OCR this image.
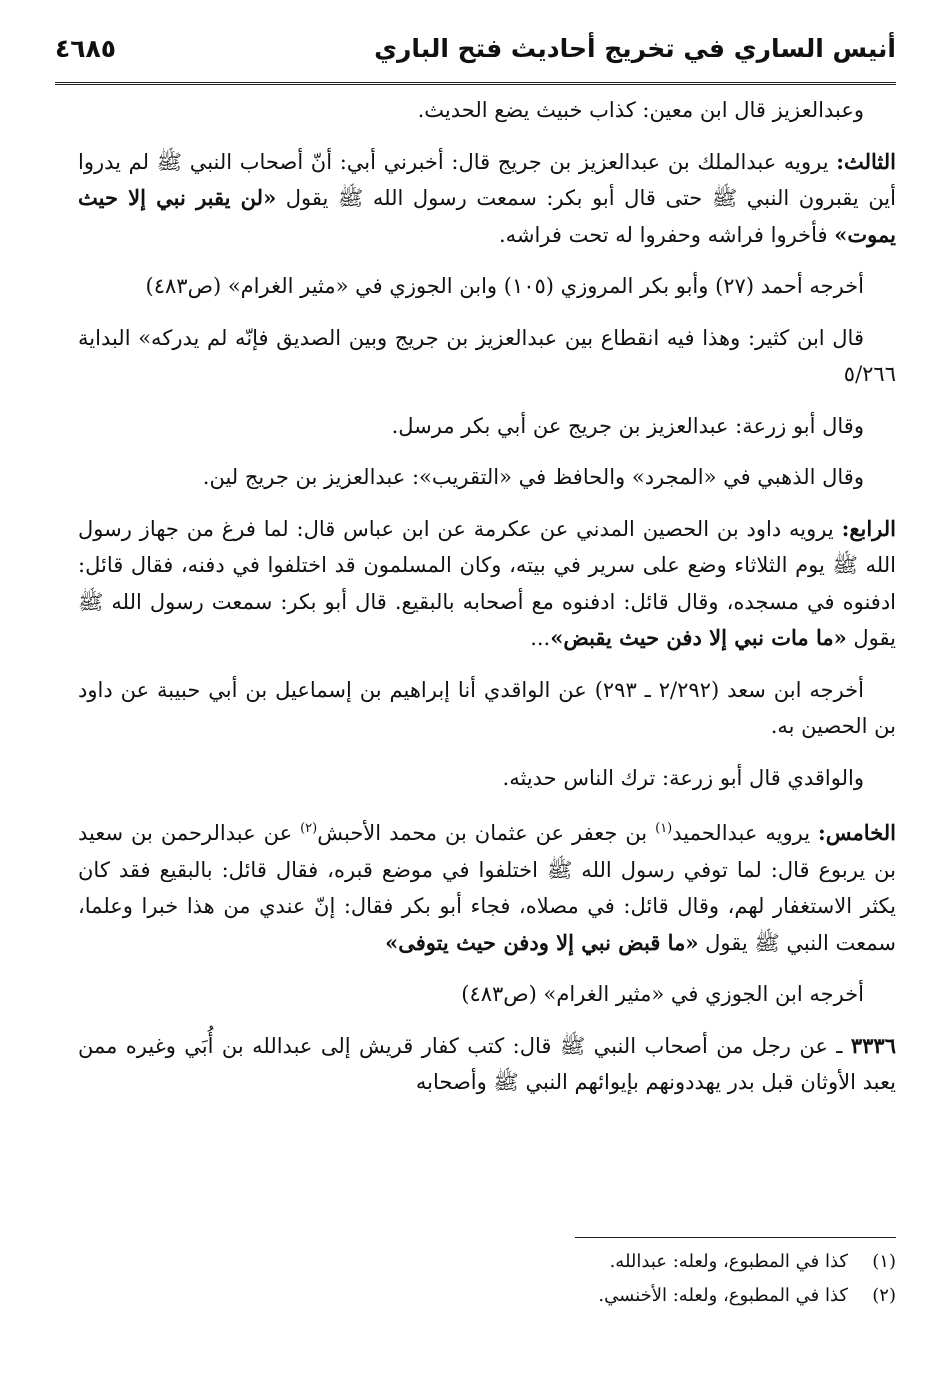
أنيس الساري في تخريج أحاديث فتح الباري
٤٦٨٥

وعبدالعزيز قال ابن معين: كذاب خبيث يضع الحديث.

الثالث: يرويه عبدالملك بن عبدالعزيز بن جريج قال: أخبرني أبي: أنّ أصحاب النبي ﷺ لم يدروا أين يقبرون النبي ﷺ حتى قال أبو بكر: سمعت رسول الله ﷺ يقول «لن يقبر نبي إلا حيث يموت» فأخروا فراشه وحفروا له تحت فراشه.

أخرجه أحمد (٢٧) وأبو بكر المروزي (١٠٥) وابن الجوزي في «مثير الغرام» (ص٤٨٣)

قال ابن كثير: وهذا فيه انقطاع بين عبدالعزيز بن جريج وبين الصديق فإنّه لم يدركه» البداية ٥/٢٦٦

وقال أبو زرعة: عبدالعزيز بن جريج عن أبي بكر مرسل.

وقال الذهبي في «المجرد» والحافظ في «التقريب»: عبدالعزيز بن جريج لين.

الرابع: يرويه داود بن الحصين المدني عن عكرمة عن ابن عباس قال: لما فرغ من جهاز رسول الله ﷺ يوم الثلاثاء وضع على سرير في بيته، وكان المسلمون قد اختلفوا في دفنه، فقال قائل: ادفنوه في مسجده، وقال قائل: ادفنوه مع أصحابه بالبقيع. قال أبو بكر: سمعت رسول الله ﷺ يقول «ما مات نبي إلا دفن حيث يقبض»...

أخرجه ابن سعد (٢/٢٩٢ ـ ٢٩٣) عن الواقدي أنا إبراهيم بن إسماعيل بن أبي حبيبة عن داود بن الحصين به.

والواقدي قال أبو زرعة: ترك الناس حديثه.

الخامس: يرويه عبدالحميد$^{(١)}$ بن جعفر عن عثمان بن محمد الأحبش$^{(٢)}$ عن عبدالرحمن بن سعيد بن يربوع قال: لما توفي رسول الله ﷺ اختلفوا في موضع قبره، فقال قائل: بالبقيع فقد كان يكثر الاستغفار لهم، وقال قائل: في مصلاه، فجاء أبو بكر فقال: إنّ عندي من هذا خبرا وعلما، سمعت النبي ﷺ يقول «ما قبض نبي إلا ودفن حيث يتوفى»

أخرجه ابن الجوزي في «مثير الغرام» (ص٤٨٣)

٣٣٣٦ ـ عن رجل من أصحاب النبي ﷺ قال: كتب كفار قريش إلى عبدالله بن أُبَي وغيره ممن يعبد الأوثان قبل بدر يهددونهم بإيوائهم النبي ﷺ وأصحابه

(١)
كذا في المطبوع، ولعله: عبدالله.
(٢)
كذا في المطبوع، ولعله: الأخنسي.
